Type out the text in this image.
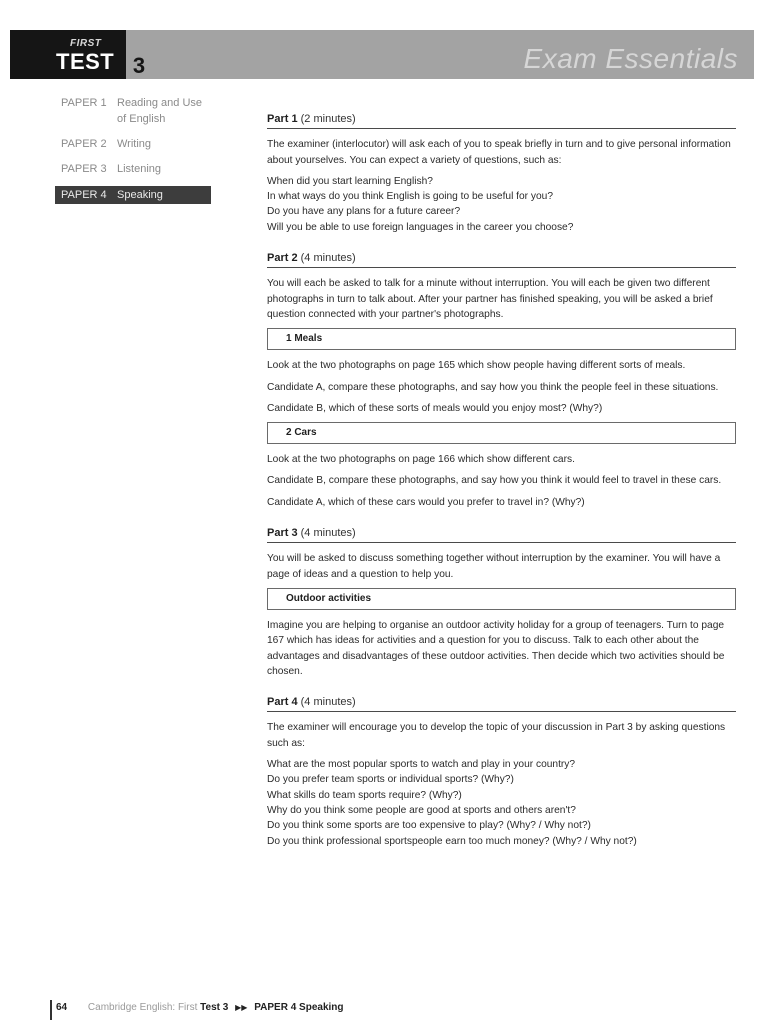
FIRST
TEST 3	Exam Essentials
PAPER 1 Reading and Use of English
PAPER 2 Writing
PAPER 3 Listening
PAPER 4 Speaking
Part 1 (2 minutes)

The examiner (interlocutor) will ask each of you to speak briefly in turn and to give personal information about yourselves. You can expect a variety of questions, such as:

When did you start learning English?
In what ways do you think English is going to be useful for you?
Do you have any plans for a future career?
Will you be able to use foreign languages in the career you choose?
Part 2 (4 minutes)

You will each be asked to talk for a minute without interruption. You will each be given two different photographs in turn to talk about. After your partner has finished speaking, you will be asked a brief question connected with your partner's photographs.

1 Meals

Look at the two photographs on page 165 which show people having different sorts of meals.

Candidate A, compare these photographs, and say how you think the people feel in these situations.

Candidate B, which of these sorts of meals would you enjoy most? (Why?)

2 Cars

Look at the two photographs on page 166 which show different cars.

Candidate B, compare these photographs, and say how you think it would feel to travel in these cars.

Candidate A, which of these cars would you prefer to travel in? (Why?)

Part 3 (4 minutes)

You will be asked to discuss something together without interruption by the examiner. You will have a page of ideas and a question to help you.

Outdoor activities

Imagine you are helping to organise an outdoor activity holiday for a group of teenagers. Turn to page 167 which has ideas for activities and a question for you to discuss. Talk to each other about the advantages and disadvantages of these outdoor activities. Then decide which two activities should be chosen.

Part 4 (4 minutes)

The examiner will encourage you to develop the topic of your discussion in Part 3 by asking questions such as:

What are the most popular sports to watch and play in your country?
Do you prefer team sports or individual sports? (Why?)
What skills do team sports require? (Why?)
Why do you think some people are good at sports and others aren't?
Do you think some sports are too expensive to play? (Why? / Why not?)
Do you think professional sportspeople earn too much money? (Why? / Why not?)
64 Cambridge English: First Test 3 ▶▶ PAPER 4 Speaking
